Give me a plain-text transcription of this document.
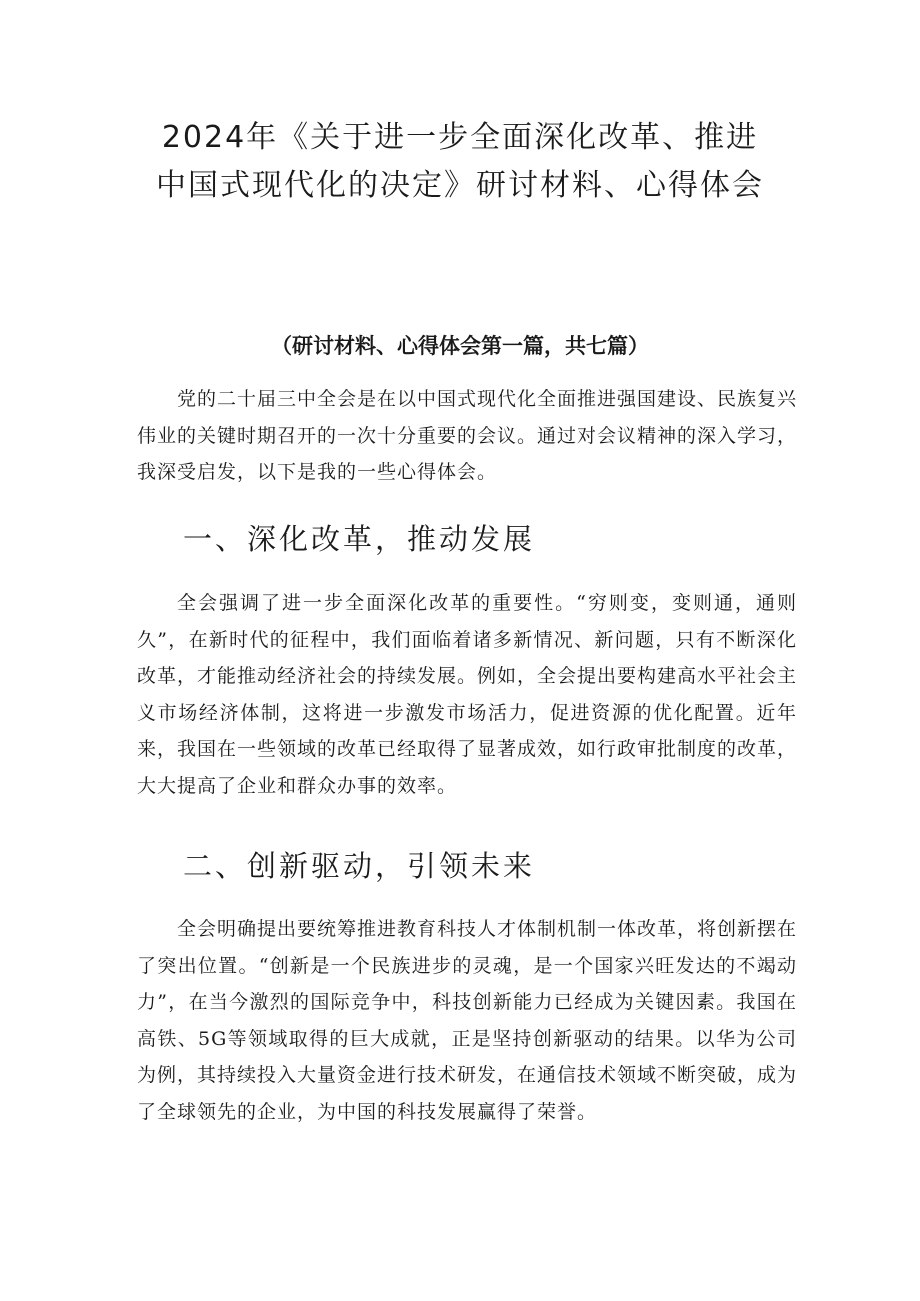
2024年《关于进一步全面深化改革、推进中国式现代化的决定》研讨材料、心得体会
（研讨材料、心得体会第一篇，共七篇）

党的二十届三中全会是在以中国式现代化全面推进强国建设、民族复兴伟业的关键时期召开的一次十分重要的会议。通过对会议精神的深入学习，我深受启发，以下是我的一些心得体会。

一、深化改革，推动发展

全会强调了进一步全面深化改革的重要性。“穷则变，变则通，通则久”，在新时代的征程中，我们面临着诸多新情况、新问题，只有不断深化改革，才能推动经济社会的持续发展。例如，全会提出要构建高水平社会主义市场经济体制，这将进一步激发市场活力，促进资源的优化配置。近年来，我国在一些领域的改革已经取得了显著成效，如行政审批制度的改革，大大提高了企业和群众办事的效率。

二、创新驱动，引领未来

全会明确提出要统筹推进教育科技人才体制机制一体改革，将创新摆在了突出位置。“创新是一个民族进步的灵魂，是一个国家兴旺发达的不竭动力”，在当今激烈的国际竞争中，科技创新能力已经成为关键因素。我国在高铁、5G等领域取得的巨大成就，正是坚持创新驱动的结果。以华为公司为例，其持续投入大量资金进行技术研发，在通信技术领域不断突破，成为了全球领先的企业，为中国的科技发展赢得了荣誉。
